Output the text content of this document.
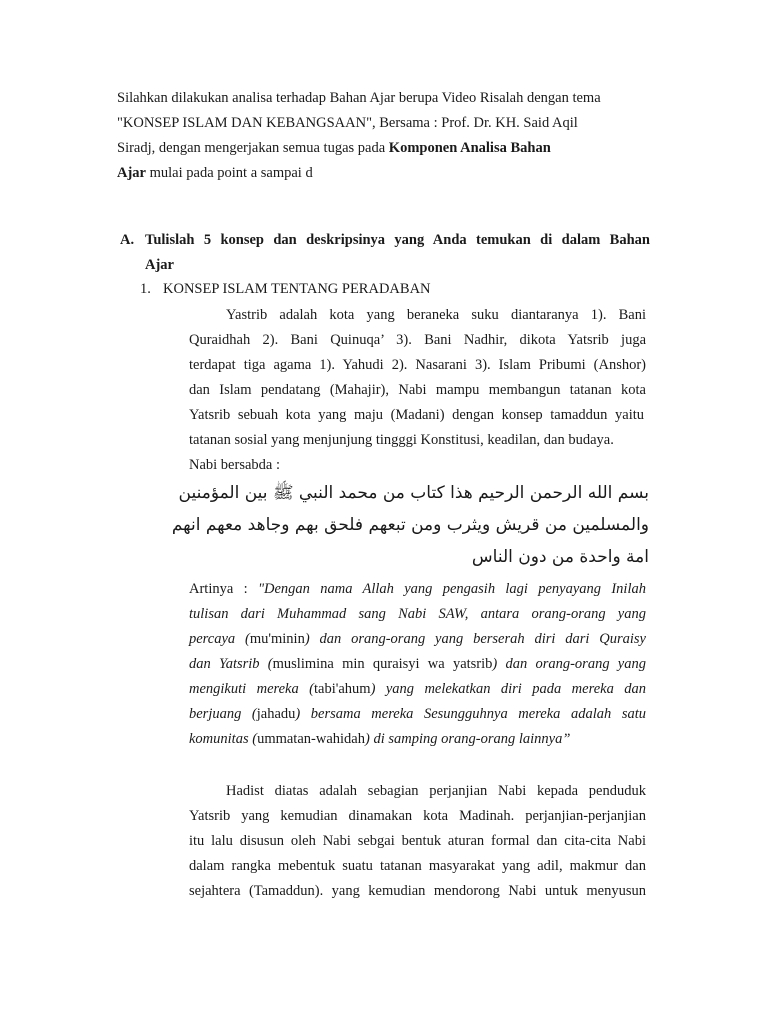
Silahkan dilakukan analisa terhadap Bahan Ajar berupa Video Risalah dengan tema
"KONSEP ISLAM DAN KEBANGSAAN", Bersama : Prof. Dr. KH. Said Aqil
Siradj, dengan mengerjakan semua tugas pada Komponen Analisa Bahan
Ajar mulai pada point a sampai d
A. Tulislah 5 konsep dan deskripsinya yang Anda temukan di dalam Bahan
Ajar
1. KONSEP ISLAM TENTANG PERADABAN
Yastrib adalah kota yang beraneka suku diantaranya 1). Bani
Quraidhah 2). Bani Quinuqa’ 3). Bani Nadhir, dikota Yatsrib juga
terdapat tiga agama 1). Yahudi 2). Nasarani 3). Islam Pribumi (Anshor)
dan Islam pendatang (Mahajir), Nabi mampu membangun tatanan kota
Yatsrib sebuah kota yang maju (Madani) dengan konsep tamaddun yaitu
tatanan sosial yang menjunjung tingggi Konstitusi, keadilan, dan budaya.
Nabi bersabda :
بسم الله الرحمن الرحيم هذا كتاب من محمد النبي ﷺ بين المؤمنين
والمسلمين من قريش ويثرب ومن تبعهم فلحق بهم وجاهد معهم انهم
امة واحدة من دون الناس
Artinya : "Dengan nama Allah yang pengasih lagi penyayang Inilah
tulisan dari Muhammad sang Nabi SAW, antara orang-orang yang
percaya (mu'minin) dan orang-orang yang berserah diri dari Quraisy
dan Yatsrib (muslimina min quraisyi wa yatsrib) dan orang-orang yang
mengikuti mereka (tabi'ahum) yang melekatkan diri pada mereka dan
berjuang (jahadu) bersama mereka Sesungguhnya mereka adalah satu
komunitas (ummatan-wahidah) di samping orang-orang lainnya”
Hadist diatas adalah sebagian perjanjian Nabi kepada penduduk
Yatsrib yang kemudian dinamakan kota Madinah. perjanjian-perjanjian
itu lalu disusun oleh Nabi sebgai bentuk aturan formal dan cita-cita Nabi
dalam rangka mebentuk suatu tatanan masyarakat yang adil, makmur dan
sejahtera (Tamaddun). yang kemudian mendorong Nabi untuk menyusun
